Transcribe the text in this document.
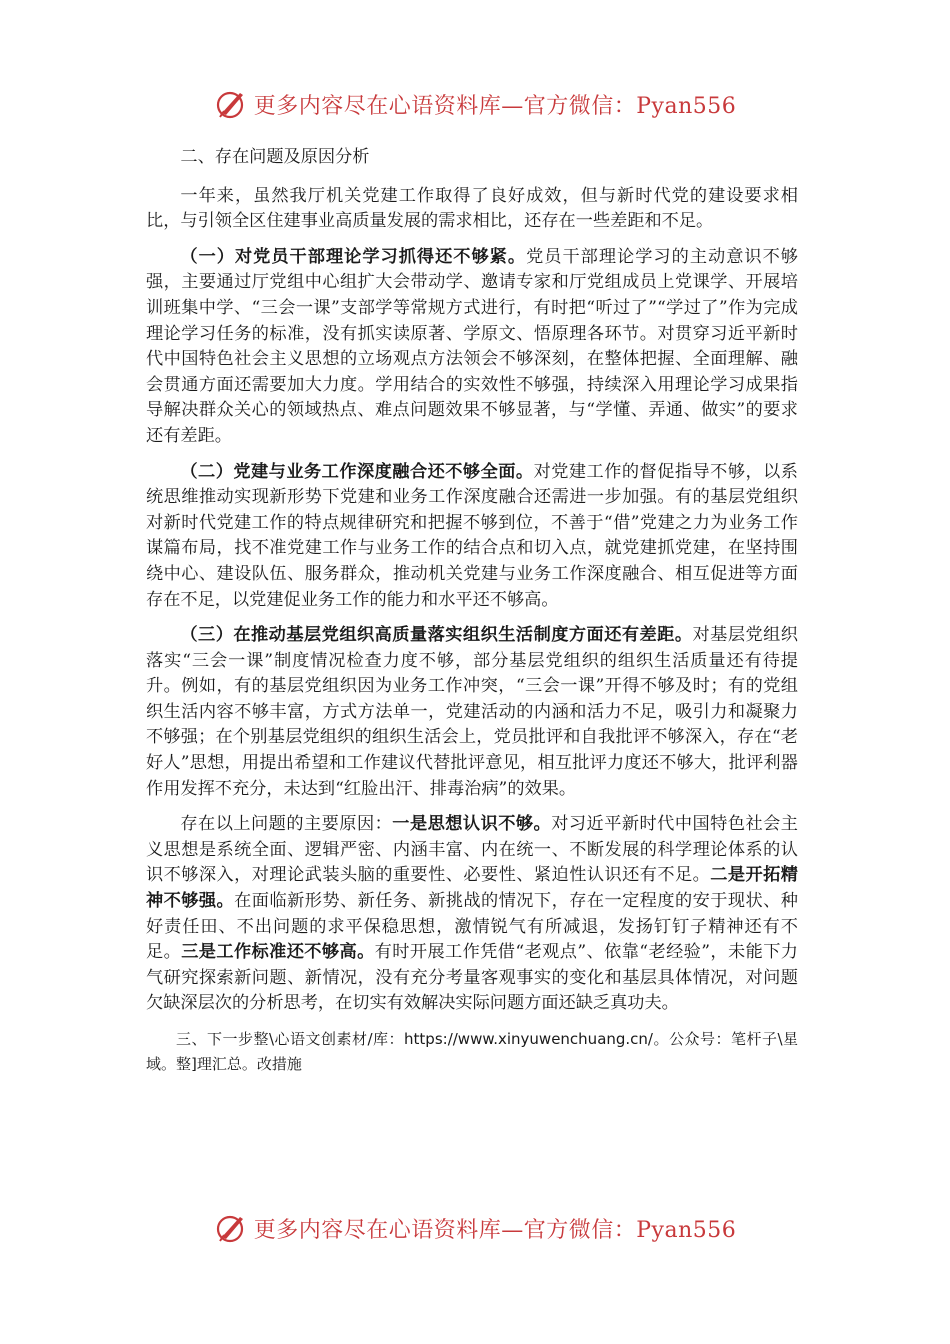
更多内容尽在心语资料库—官方微信：Pyan556

二、存在问题及原因分析

一年来，虽然我厅机关党建工作取得了良好成效，但与新时代党的建设要求相比，与引领全区住建事业高质量发展的需求相比，还存在一些差距和不足。

（一）对党员干部理论学习抓得还不够紧。党员干部理论学习的主动意识不够强，主要通过厅党组中心组扩大会带动学、邀请专家和厅党组成员上党课学、开展培训班集中学、“三会一课”支部学等常规方式进行，有时把“听过了”“学过了”作为完成理论学习任务的标准，没有抓实读原著、学原文、悟原理各环节。对贯穿习近平新时代中国特色社会主义思想的立场观点方法领会不够深刻，在整体把握、全面理解、融会贯通方面还需要加大力度。学用结合的实效性不够强，持续深入用理论学习成果指导解决群众关心的领域热点、难点问题效果不够显著，与“学懂、弄通、做实”的要求还有差距。

（二）党建与业务工作深度融合还不够全面。对党建工作的督促指导不够，以系统思维推动实现新形势下党建和业务工作深度融合还需进一步加强。有的基层党组织对新时代党建工作的特点规律研究和把握不够到位，不善于“借”党建之力为业务工作谋篇布局，找不准党建工作与业务工作的结合点和切入点，就党建抓党建，在坚持围绕中心、建设队伍、服务群众，推动机关党建与业务工作深度融合、相互促进等方面存在不足，以党建促业务工作的能力和水平还不够高。

（三）在推动基层党组织高质量落实组织生活制度方面还有差距。对基层党组织落实“三会一课”制度情况检查力度不够，部分基层党组织的组织生活质量还有待提升。例如，有的基层党组织因为业务工作冲突，“三会一课”开得不够及时；有的党组织生活内容不够丰富，方式方法单一，党建活动的内涵和活力不足，吸引力和凝聚力不够强；在个别基层党组织的组织生活会上，党员批评和自我批评不够深入，存在“老好人”思想，用提出希望和工作建议代替批评意见，相互批评力度还不够大，批评利器作用发挥不充分，未达到“红脸出汗、排毒治病”的效果。

存在以上问题的主要原因：一是思想认识不够。对习近平新时代中国特色社会主义思想是系统全面、逻辑严密、内涵丰富、内在统一、不断发展的科学理论体系的认识不够深入，对理论武装头脑的重要性、必要性、紧迫性认识还有不足。二是开拓精神不够强。在面临新形势、新任务、新挑战的情况下，存在一定程度的安于现状、种好责任田、不出问题的求平保稳思想，激情锐气有所减退，发扬钉钉子精神还有不足。三是工作标准还不够高。有时开展工作凭借“老观点”、依靠“老经验”，未能下力气研究探索新问题、新情况，没有充分考量客观事实的变化和基层具体情况，对问题欠缺深层次的分析思考，在切实有效解决实际问题方面还缺乏真功夫。

三、下一步整\心语文创素材/库：https://www.xinyuwenchuang.cn/。公众号：笔杆子\星域。整]理汇总。改措施

更多内容尽在心语资料库—官方微信：Pyan556
